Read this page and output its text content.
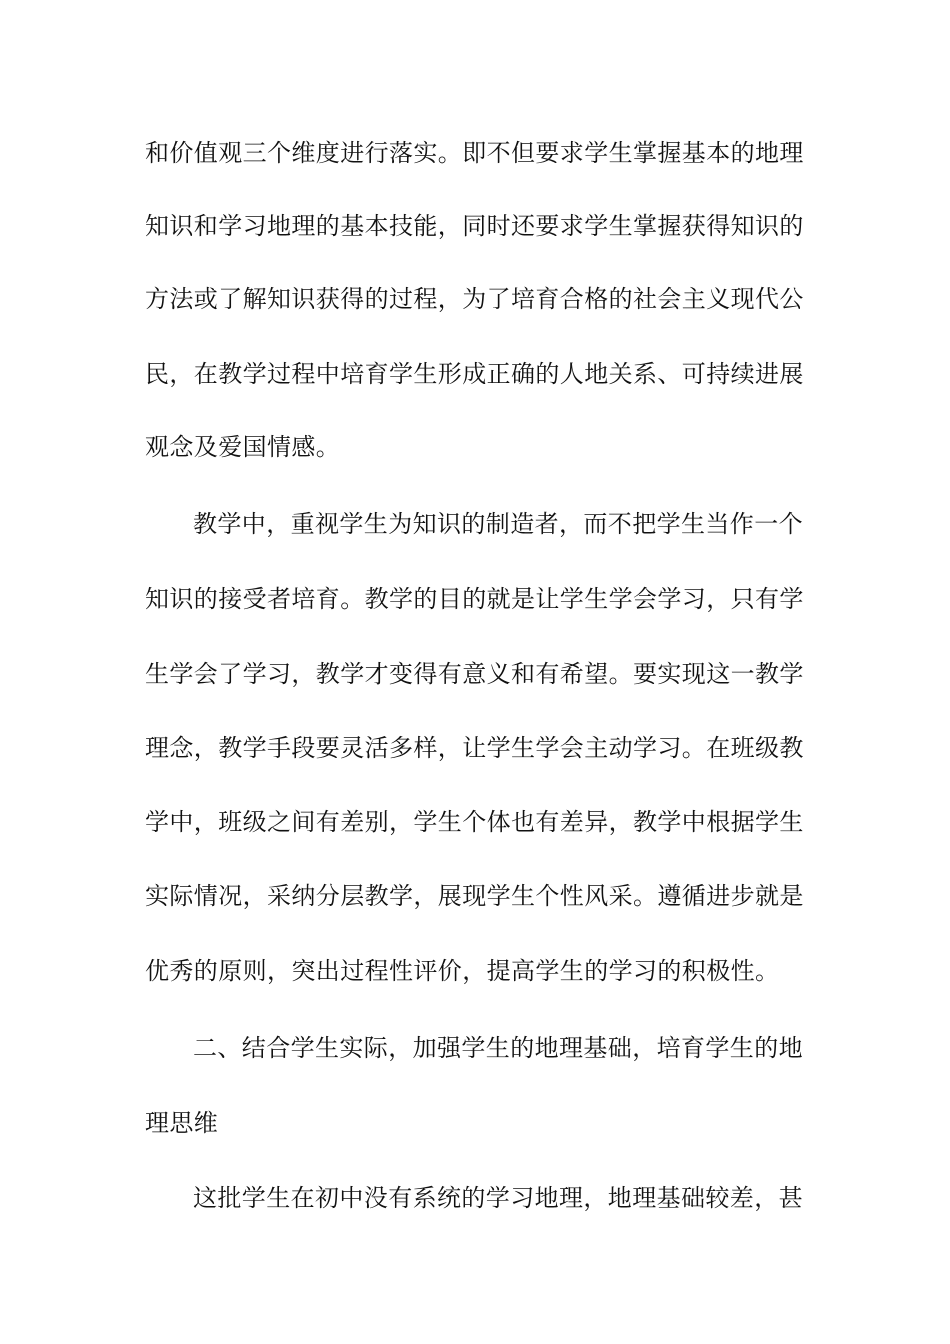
和价值观三个维度进行落实。即不但要求学生掌握基本的地理
知识和学习地理的基本技能，同时还要求学生掌握获得知识的
方法或了解知识获得的过程，为了培育合格的社会主义现代公
民，在教学过程中培育学生形成正确的人地关系、可持续进展
观念及爱国情感。
教学中，重视学生为知识的制造者，而不把学生当作一个
知识的接受者培育。教学的目的就是让学生学会学习，只有学
生学会了学习，教学才变得有意义和有希望。要实现这一教学
理念，教学手段要灵活多样，让学生学会主动学习。在班级教
学中，班级之间有差别，学生个体也有差异，教学中根据学生
实际情况，采纳分层教学，展现学生个性风采。遵循进步就是
优秀的原则，突出过程性评价，提高学生的学习的积极性。
二、结合学生实际，加强学生的地理基础，培育学生的地
理思维
这批学生在初中没有系统的学习地理，地理基础较差，甚
